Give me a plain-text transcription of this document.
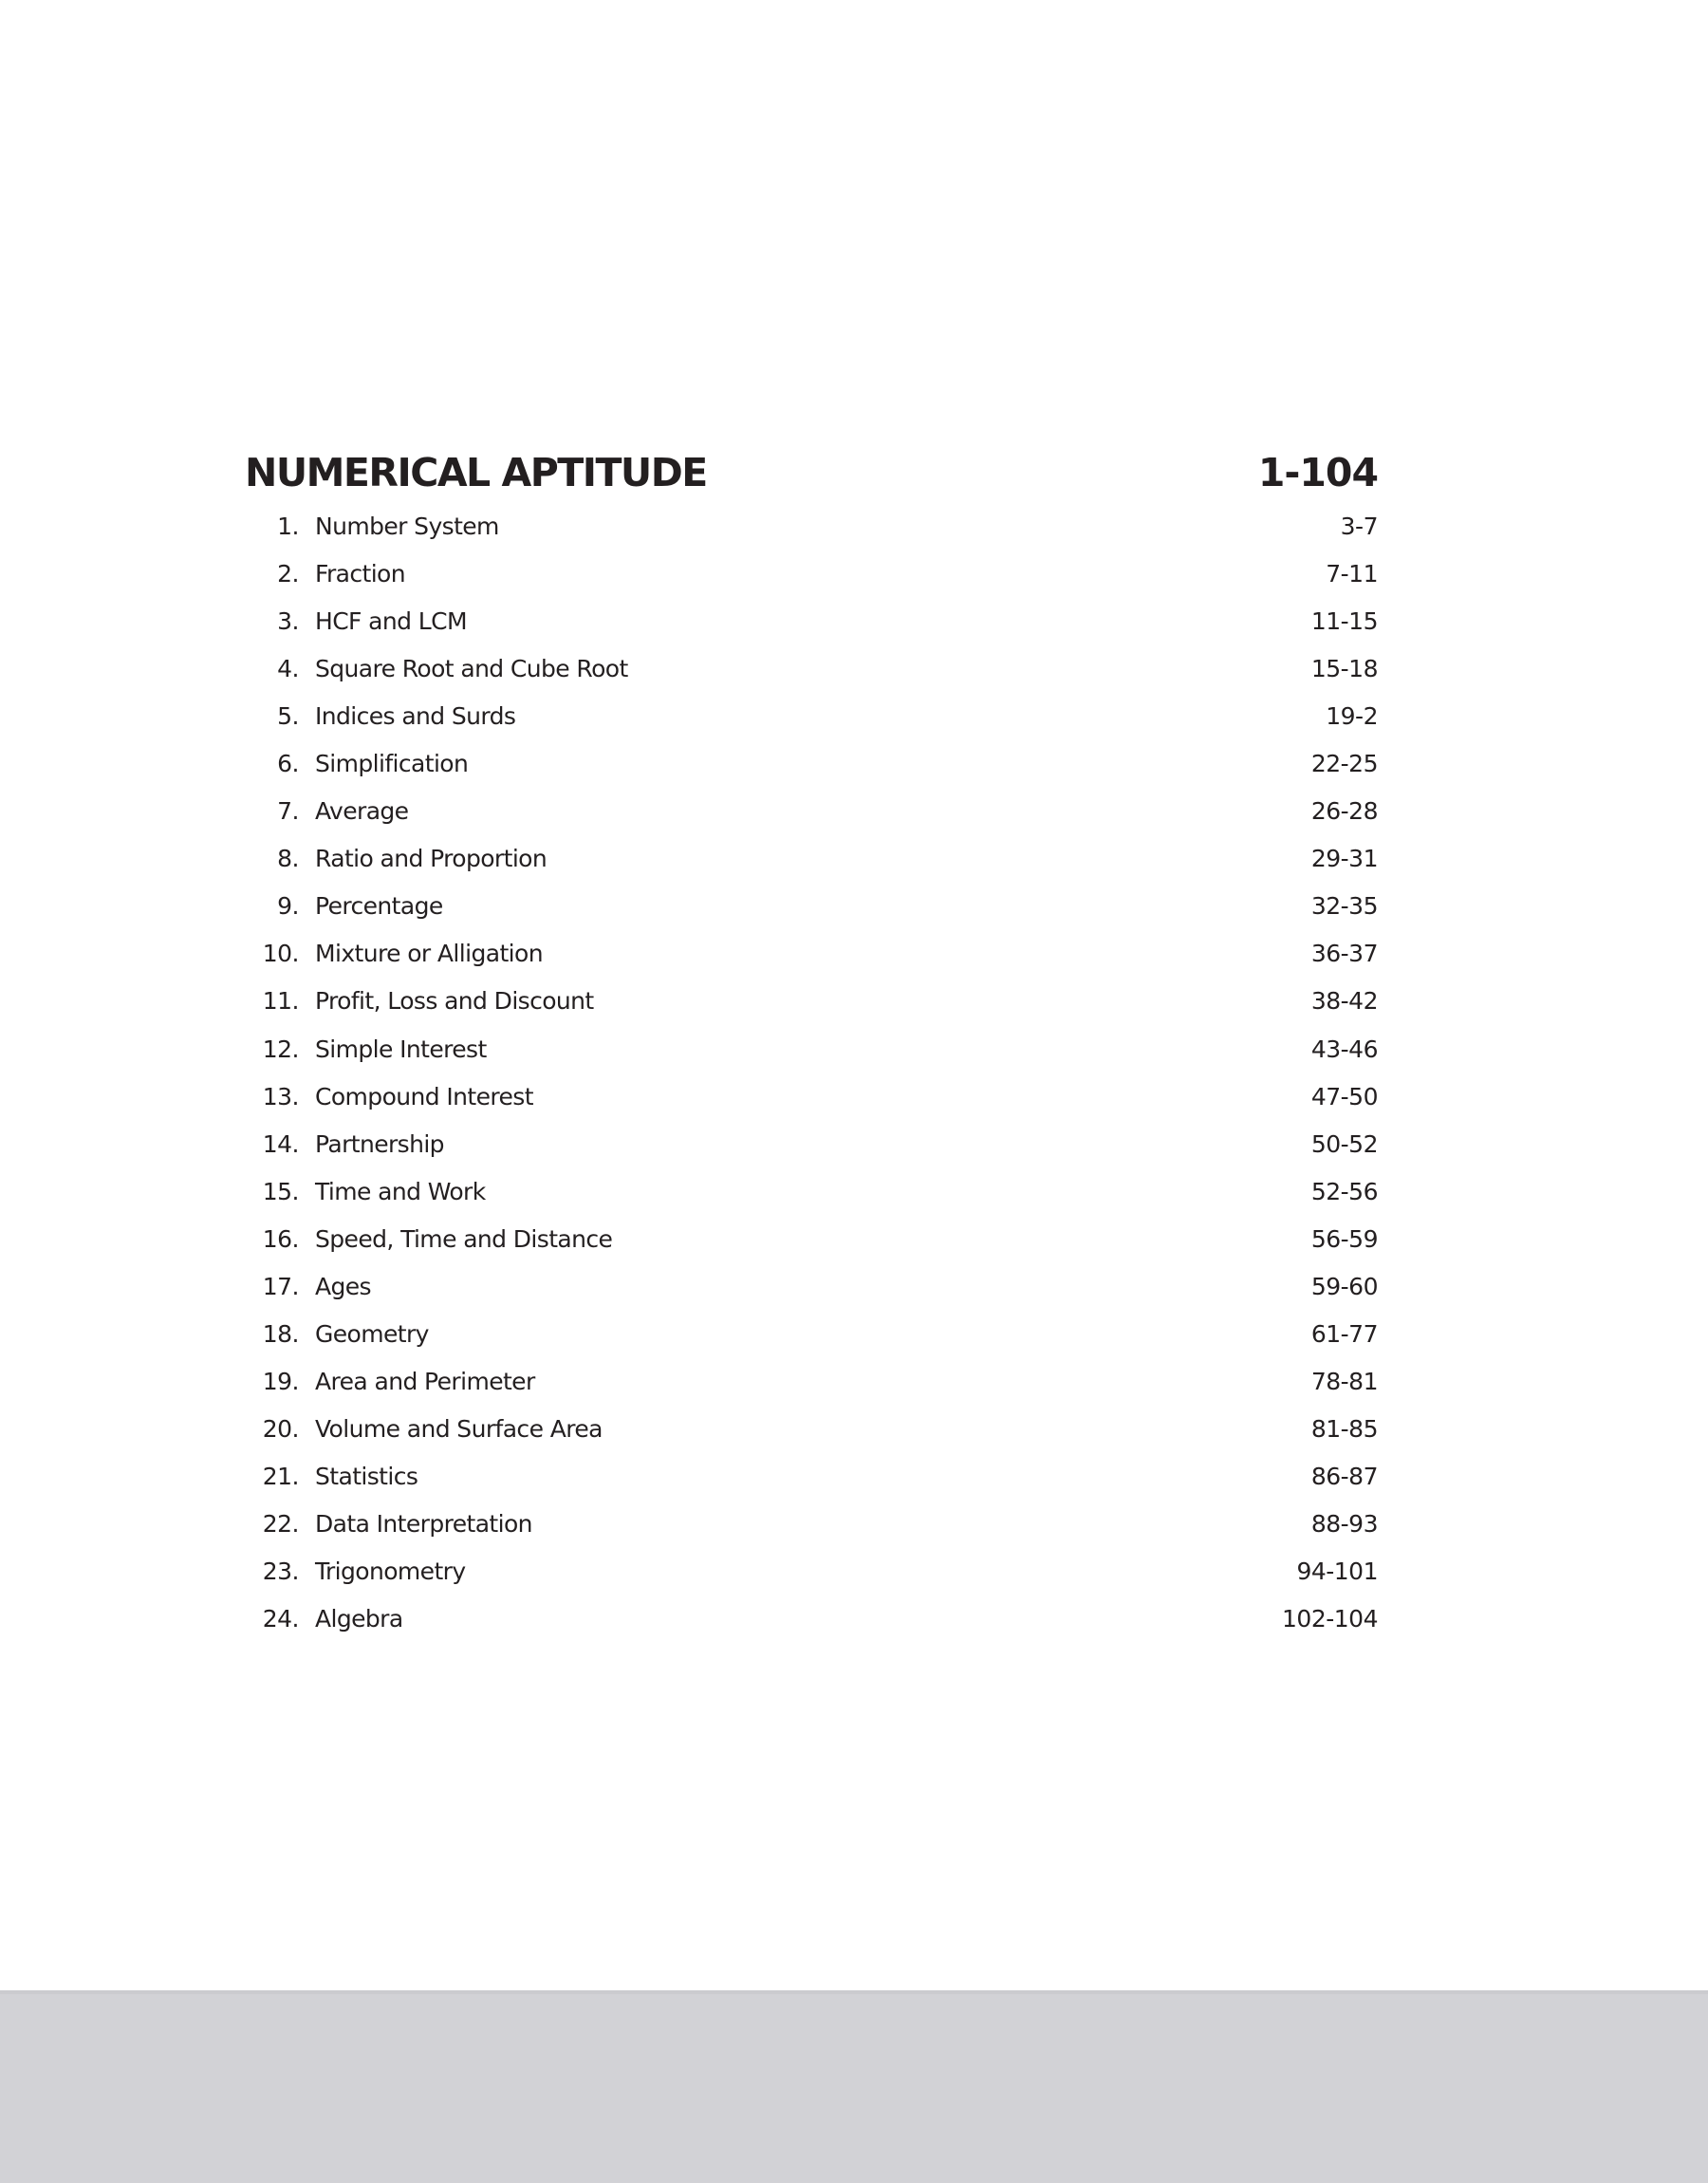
NUMERICAL APTITUDE	1-104
1. Number System	3-7
2. Fraction	7-11
3. HCF and LCM	11-15
4. Square Root and Cube Root	15-18
5. Indices and Surds	19-2
6. Simplification	22-25
7. Average	26-28
8. Ratio and Proportion	29-31
9. Percentage	32-35
10. Mixture or Alligation	36-37
11. Profit, Loss and Discount	38-42
12. Simple Interest	43-46
13. Compound Interest	47-50
14. Partnership	50-52
15. Time and Work	52-56
16. Speed, Time and Distance	56-59
17. Ages	59-60
18. Geometry	61-77
19. Area and Perimeter	78-81
20. Volume and Surface Area	81-85
21. Statistics	86-87
22. Data Interpretation	88-93
23. Trigonometry	94-101
24. Algebra	102-104
